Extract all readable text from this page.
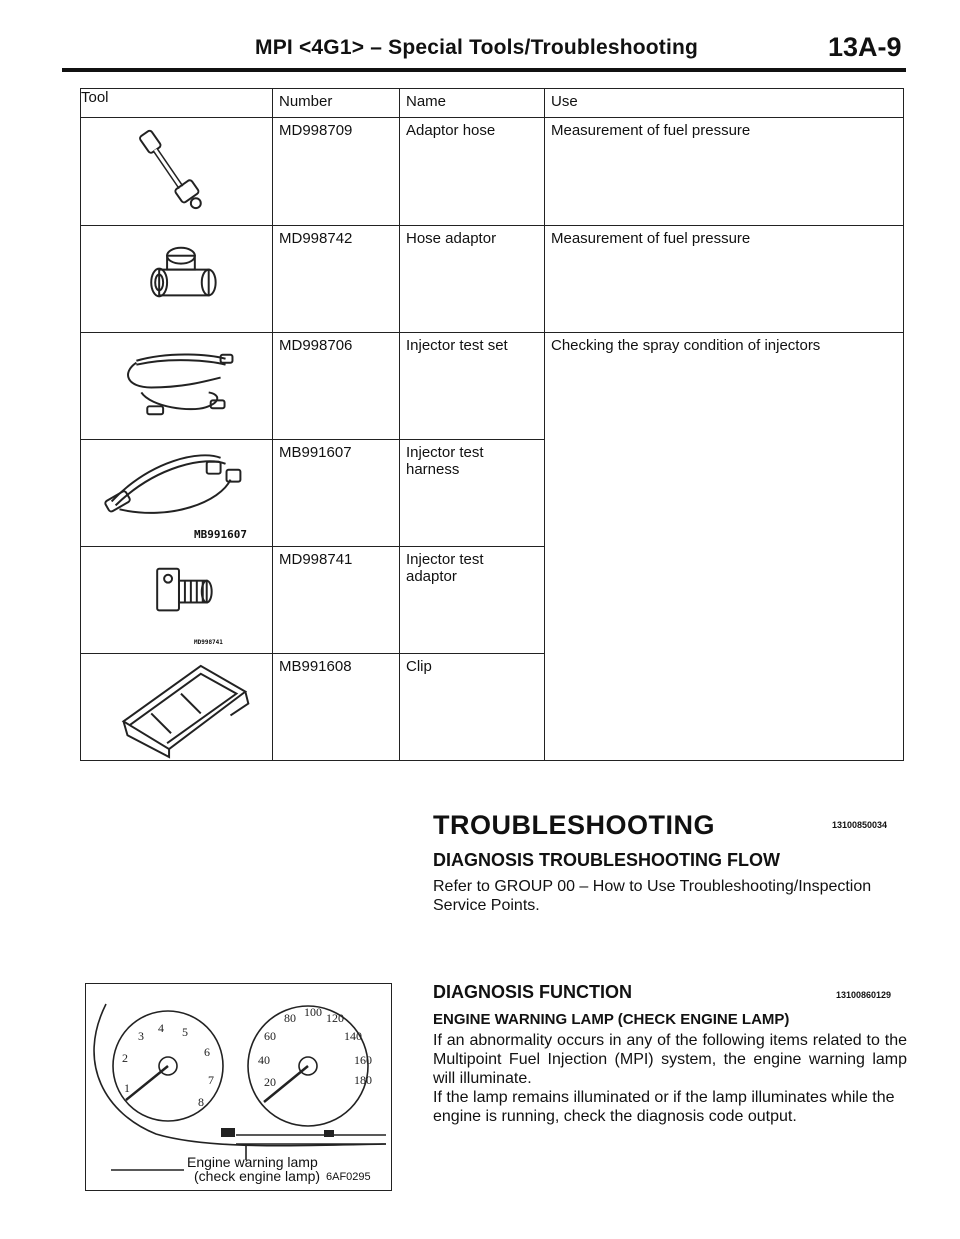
MPI <4G1> – Special Tools/Troubleshooting	13A-9
Tool	Number	Name	Use

	MD998709	Adaptor hose	Measurement of fuel pressure

	MD998742	Hose adaptor	Measurement of fuel pressure

	MD998706	Injector test set	Checking the spray condition of injectors

MB991607	MB991607	Injector test harness	

MD998741	MD998741	Injector test adaptor	

	MB991608	Clip	
TROUBLESHOOTING	13100850034
DIAGNOSIS TROUBLESHOOTING FLOW

Refer to GROUP 00 – How to Use Troubleshooting/Inspection Service Points.

DIAGNOSIS FUNCTION	13100860129
ENGINE WARNING LAMP (CHECK ENGINE LAMP)

If an abnormality occurs in any of the following items related to the Multipoint Fuel Injection (MPI) system, the engine warning lamp will illuminate.

If the lamp remains illuminated or if the lamp illuminates while the engine is running, check the diagnosis code output.

1
2
3
4 5
6
7
8
20
40
60
80 100 120
140
160
180
Engine warning lamp
(check engine lamp) 6AF0295
